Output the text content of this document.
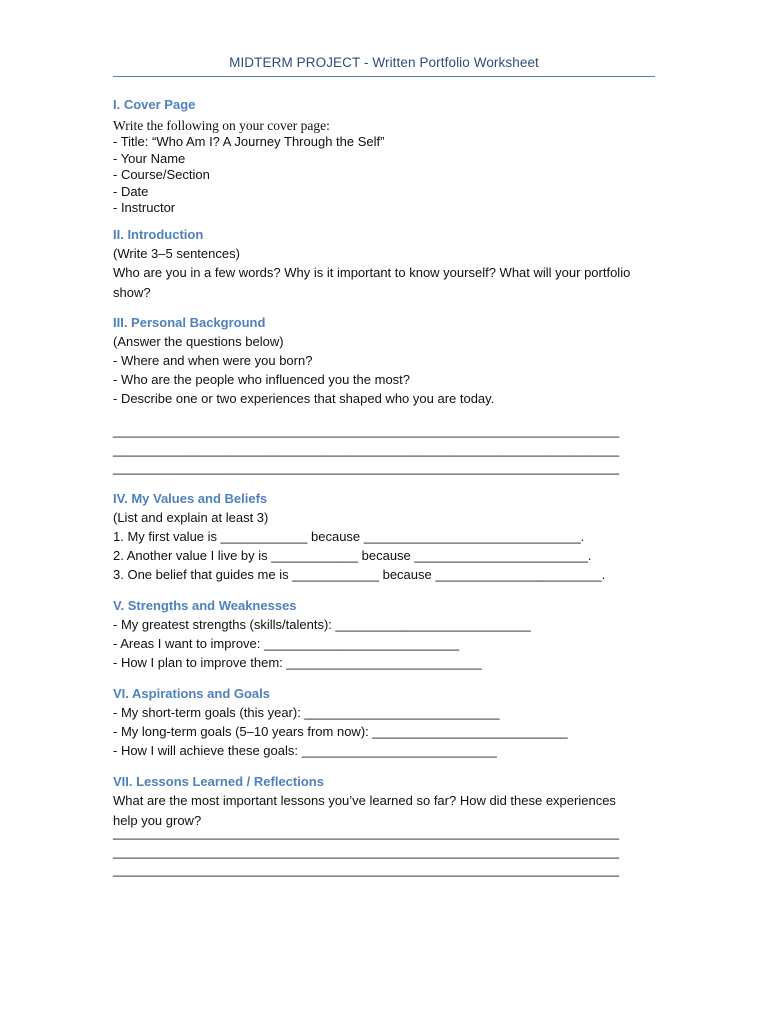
MIDTERM PROJECT - Written Portfolio Worksheet
I. Cover Page
Write the following on your cover page:
- Title: “Who Am I? A Journey Through the Self”
- Your Name
- Course/Section
- Date
- Instructor
II. Introduction
(Write 3–5 sentences)
Who are you in a few words? Why is it important to know yourself? What will your portfolio show?
III. Personal Background
(Answer the questions below)
- Where and when were you born?
- Who are the people who influenced you the most?
- Describe one or two experiences that shaped who you are today.
______________________________________________________________________
______________________________________________________________________
______________________________________________________________________
IV. My Values and Beliefs
(List and explain at least 3)
1. My first value is ____________ because ______________________________.
2. Another value I live by is ____________ because ________________________.
3. One belief that guides me is ____________ because _______________________.
V. Strengths and Weaknesses
- My greatest strengths (skills/talents): ___________________________
- Areas I want to improve: ___________________________
- How I plan to improve them: ___________________________
VI. Aspirations and Goals
- My short-term goals (this year): ___________________________
- My long-term goals (5–10 years from now): ___________________________
- How I will achieve these goals: ___________________________
VII. Lessons Learned / Reflections
What are the most important lessons you’ve learned so far? How did these experiences help you grow?
______________________________________________________________________
______________________________________________________________________
______________________________________________________________________
